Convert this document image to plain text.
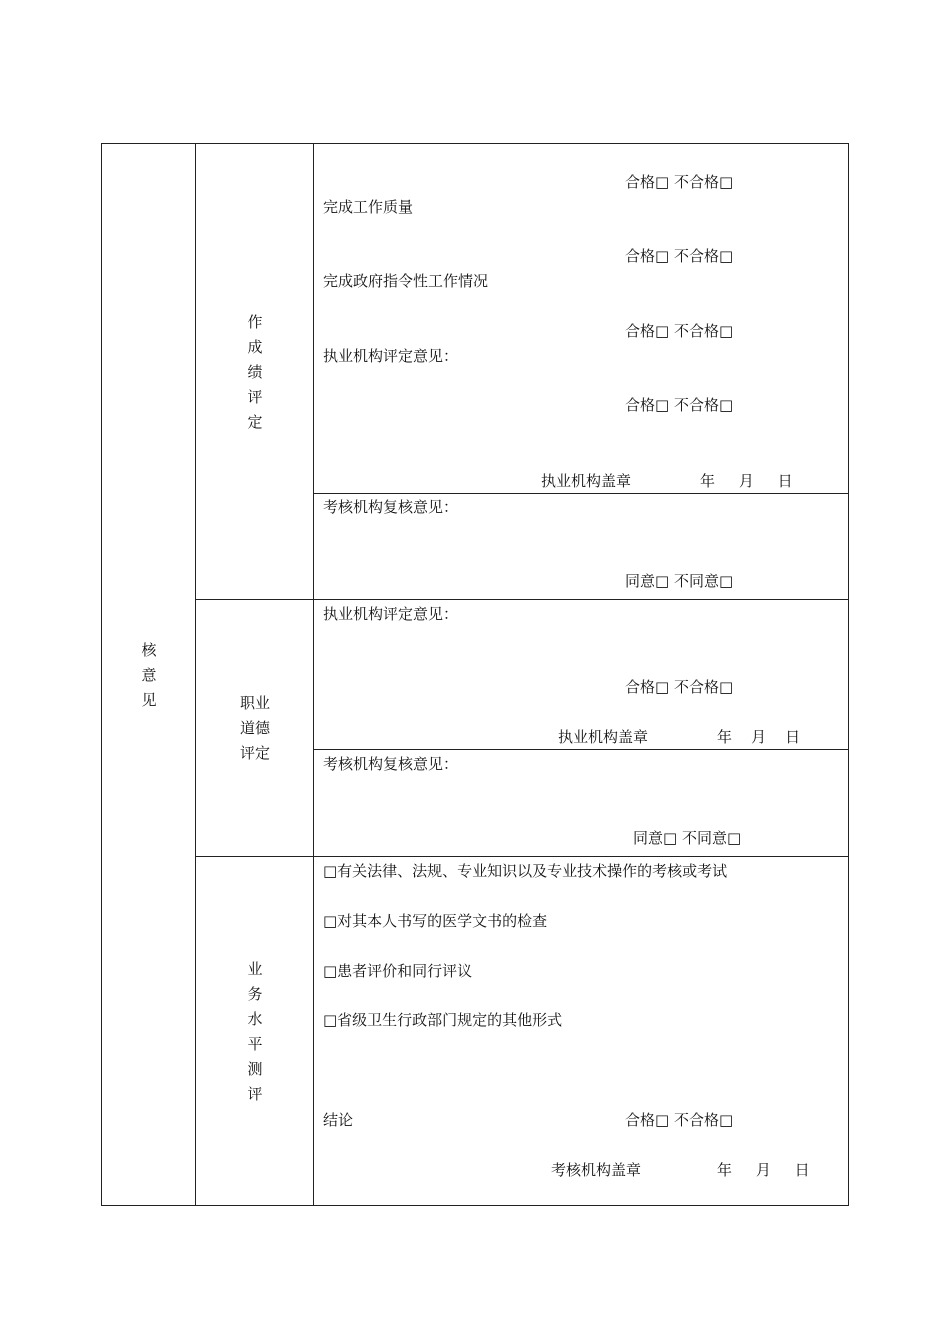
核
意
见
作
成
绩
评
定
合格□ 不合格□
完成工作质量
合格□ 不合格□
完成政府指令性工作情况
合格□ 不合格□
执业机构评定意见：
合格□ 不合格□
执业机构盖章	年     月     日
考核机构复核意见：
同意□ 不同意□
职业
道德
评定
执业机构评定意见：
合格□ 不合格□
执业机构盖章	年    月    日
考核机构复核意见：
同意□ 不同意□
业
务
水
平
测
评
□有关法律、法规、专业知识以及专业技术操作的考核或考试
□对其本人书写的医学文书的检查
□患者评价和同行评议
□省级卫生行政部门规定的其他形式
结论	合格□ 不合格□
考核机构盖章	年     月     日
